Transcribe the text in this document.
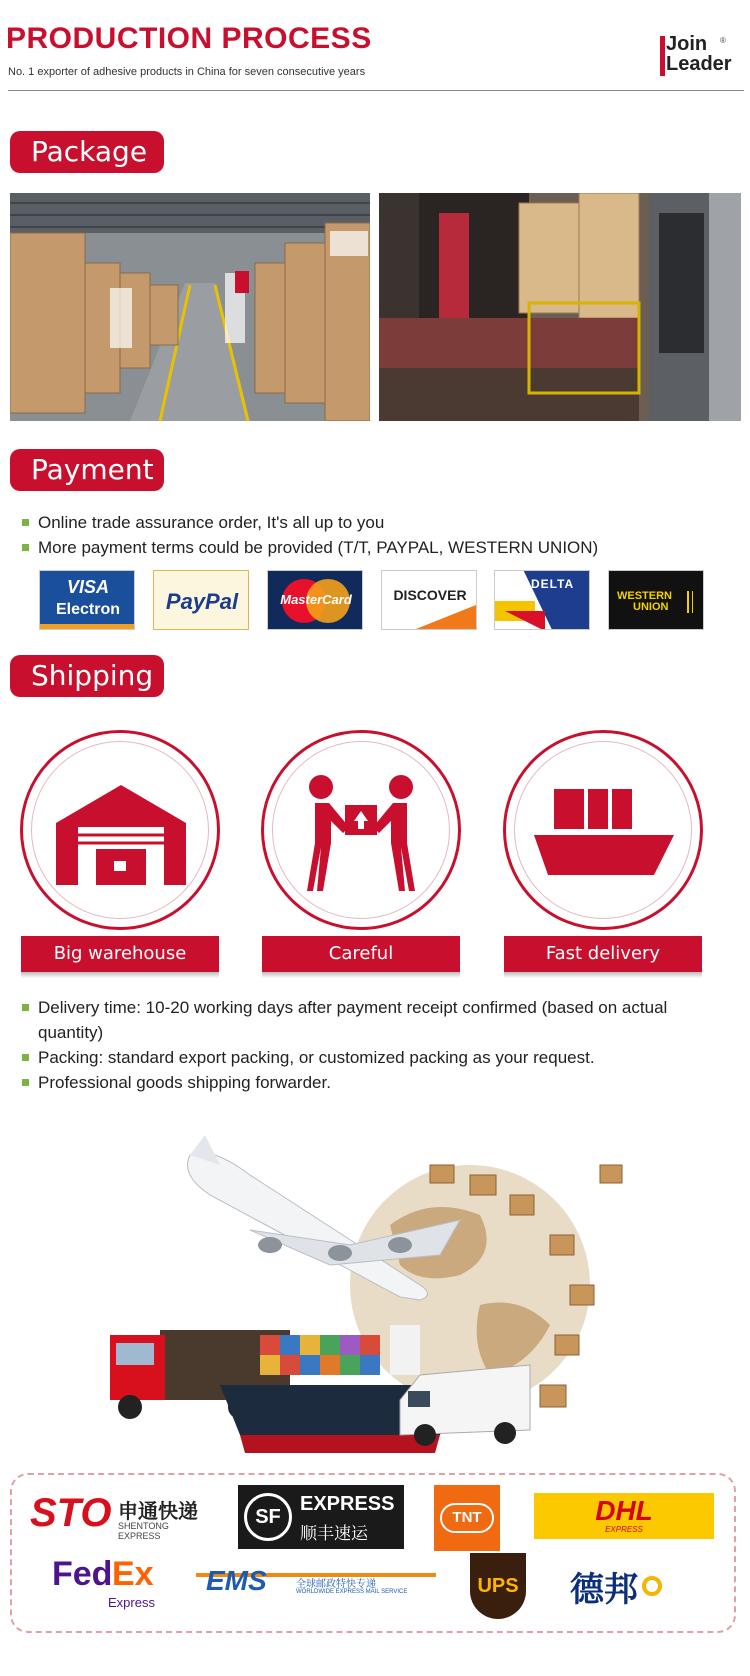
PRODUCTION PROCESS
No. 1 exporter of adhesive products in China for seven consecutive years
Join
Leader
®
Package
Payment
Online trade assurance order, It's all up to you
More payment terms could be provided (T/T, PAYPAL, WESTERN UNION)
VISA
Electron	PayPal	MasterCard	DISCOVER
DELTA
WESTERN
UNION
Shipping
Big warehouse	Careful transportation
Fast delivery
Delivery time: 10-20 working days after payment receipt confirmed (based on actual quantity)
Packing: standard export packing, or customized packing as your request.
Professional goods shipping forwarder.
STO 申通快递
SHENTONG EXPRESS
SF
EXPRESS
顺丰速运
TNT	DHL
EXPRESS
Fed Ex
Express
EMS	全球邮政特快专递
WORLDWIDE EXPRESS MAIL SERVICE	UPS 德邦
